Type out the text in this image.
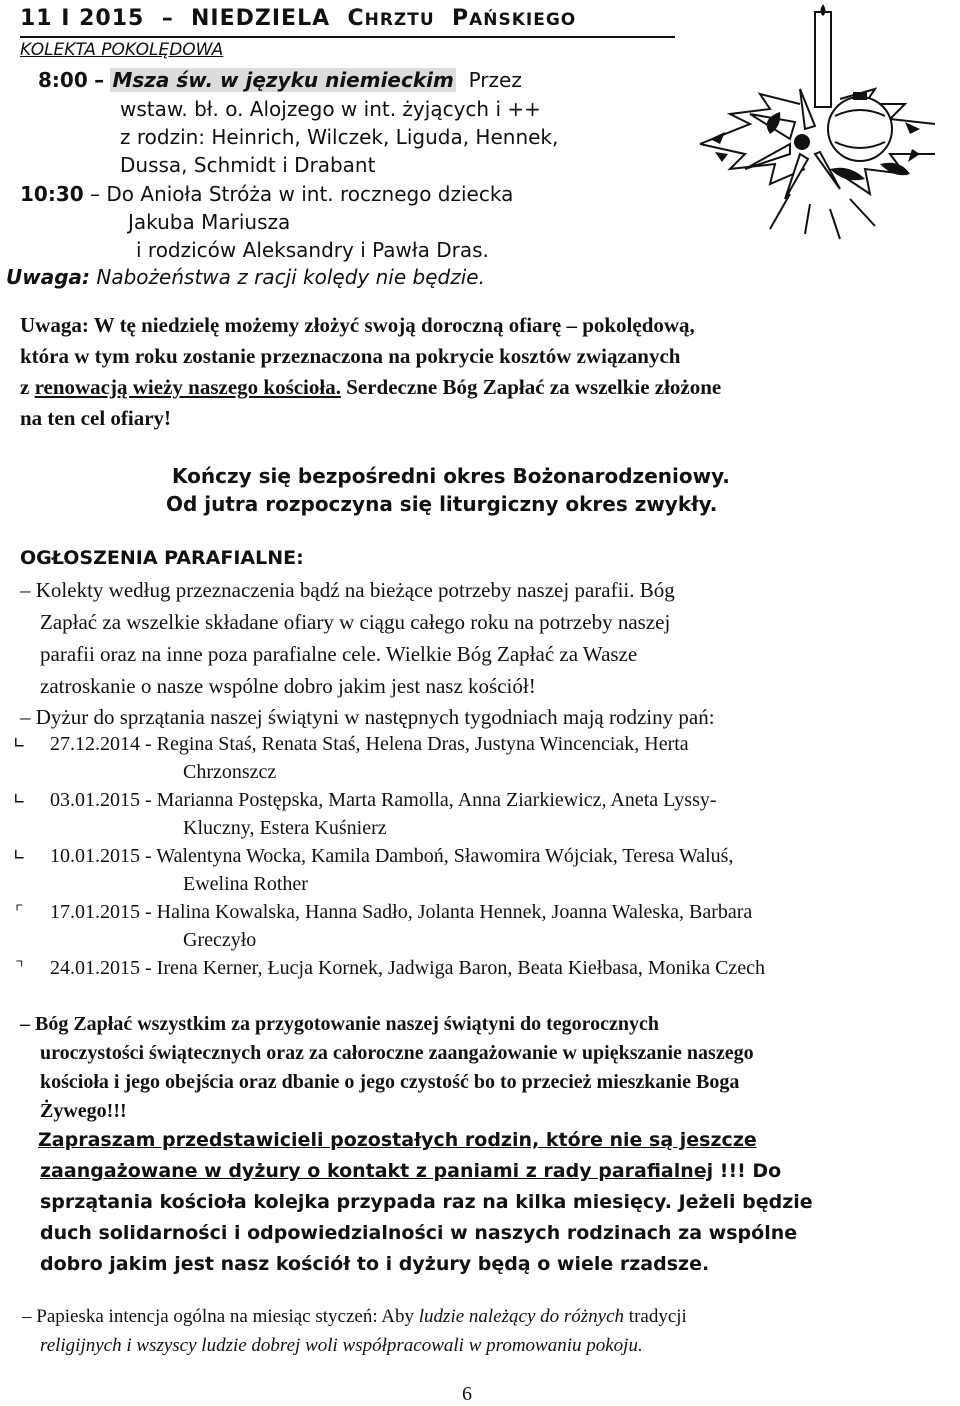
11 I 2015 – NIEDZIELA CHRZTU PAŃSKIEGO
KOLEKTA POKOLĘDOWA
8:00 – Msza św. w języku niemieckim Przez
wstaw. bł. o. Alojzego w int. żyjących i ++
z rodzin: Heinrich, Wilczek, Liguda, Hennek,
Dussa, Schmidt i Drabant
10:30 – Do Anioła Stróża w int. rocznego dziecka
Jakuba Mariusza
i rodziców Aleksandry i Pawła Dras.
Uwaga: Nabożeństwa z racji kolędy nie będzie.
Uwaga: W tę niedzielę możemy złożyć swoją doroczną ofiarę – pokolędową,
która w tym roku zostanie przeznaczona na pokrycie kosztów związanych
z renowacją wieży naszego kościoła. Serdeczne Bóg Zapłać za wszelkie złożone
na ten cel ofiary!
Kończy się bezpośredni okres Bożonarodzeniowy.
Od jutra rozpoczyna się liturgiczny okres zwykły.
OGŁOSZENIA PARAFIALNE:
– Kolekty według przeznaczenia bądź na bieżące potrzeby naszej parafii. Bóg
Zapłać za wszelkie składane ofiary w ciągu całego roku na potrzeby naszej
parafii oraz na inne poza parafialne cele. Wielkie Bóg Zapłać za Wasze
zatroskanie o nasze wspólne dobro jakim jest nasz kościół!
– Dyżur do sprzątania naszej świątyni w następnych tygodniach mają rodziny pań:
∟ 27.12.2014 - Regina Staś, Renata Staś, Helena Dras, Justyna Wincenciak, Herta
Chrzonszcz
∟ 03.01.2015 - Marianna Postępska, Marta Ramolla, Anna Ziarkiewicz, Aneta Lyssy-
Kluczny, Estera Kuśnierz
∟ 10.01.2015 - Walentyna Wocka, Kamila Damboń, Sławomira Wójciak, Teresa Waluś,
Ewelina Rother
⌜ 17.01.2015 - Halina Kowalska, Hanna Sadło, Jolanta Hennek, Joanna Waleska, Barbara
Greczyło
⌝ 24.01.2015 - Irena Kerner, Łucja Kornek, Jadwiga Baron, Beata Kiełbasa, Monika Czech
– Bóg Zapłać wszystkim za przygotowanie naszej świątyni do tegorocznych
uroczystości świątecznych oraz za całoroczne zaangażowanie w upiększanie naszego
kościoła i jego obejścia oraz dbanie o jego czystość bo to przecież mieszkanie Boga
Żywego!!!
Zapraszam przedstawicieli pozostałych rodzin, które nie są jeszcze
zaangażowane w dyżury o kontakt z paniami z rady parafialnej !!! Do
sprzątania kościoła kolejka przypada raz na kilka miesięcy. Jeżeli będzie
duch solidarności i odpowiedzialności w naszych rodzinach za wspólne
dobro jakim jest nasz kościół to i dyżury będą o wiele rzadsze.
– Papieska intencja ogólna na miesiąc styczeń: Aby ludzie należący do różnych tradycji
religijnych i wszyscy ludzie dobrej woli współpracowali w promowaniu pokoju.
6
